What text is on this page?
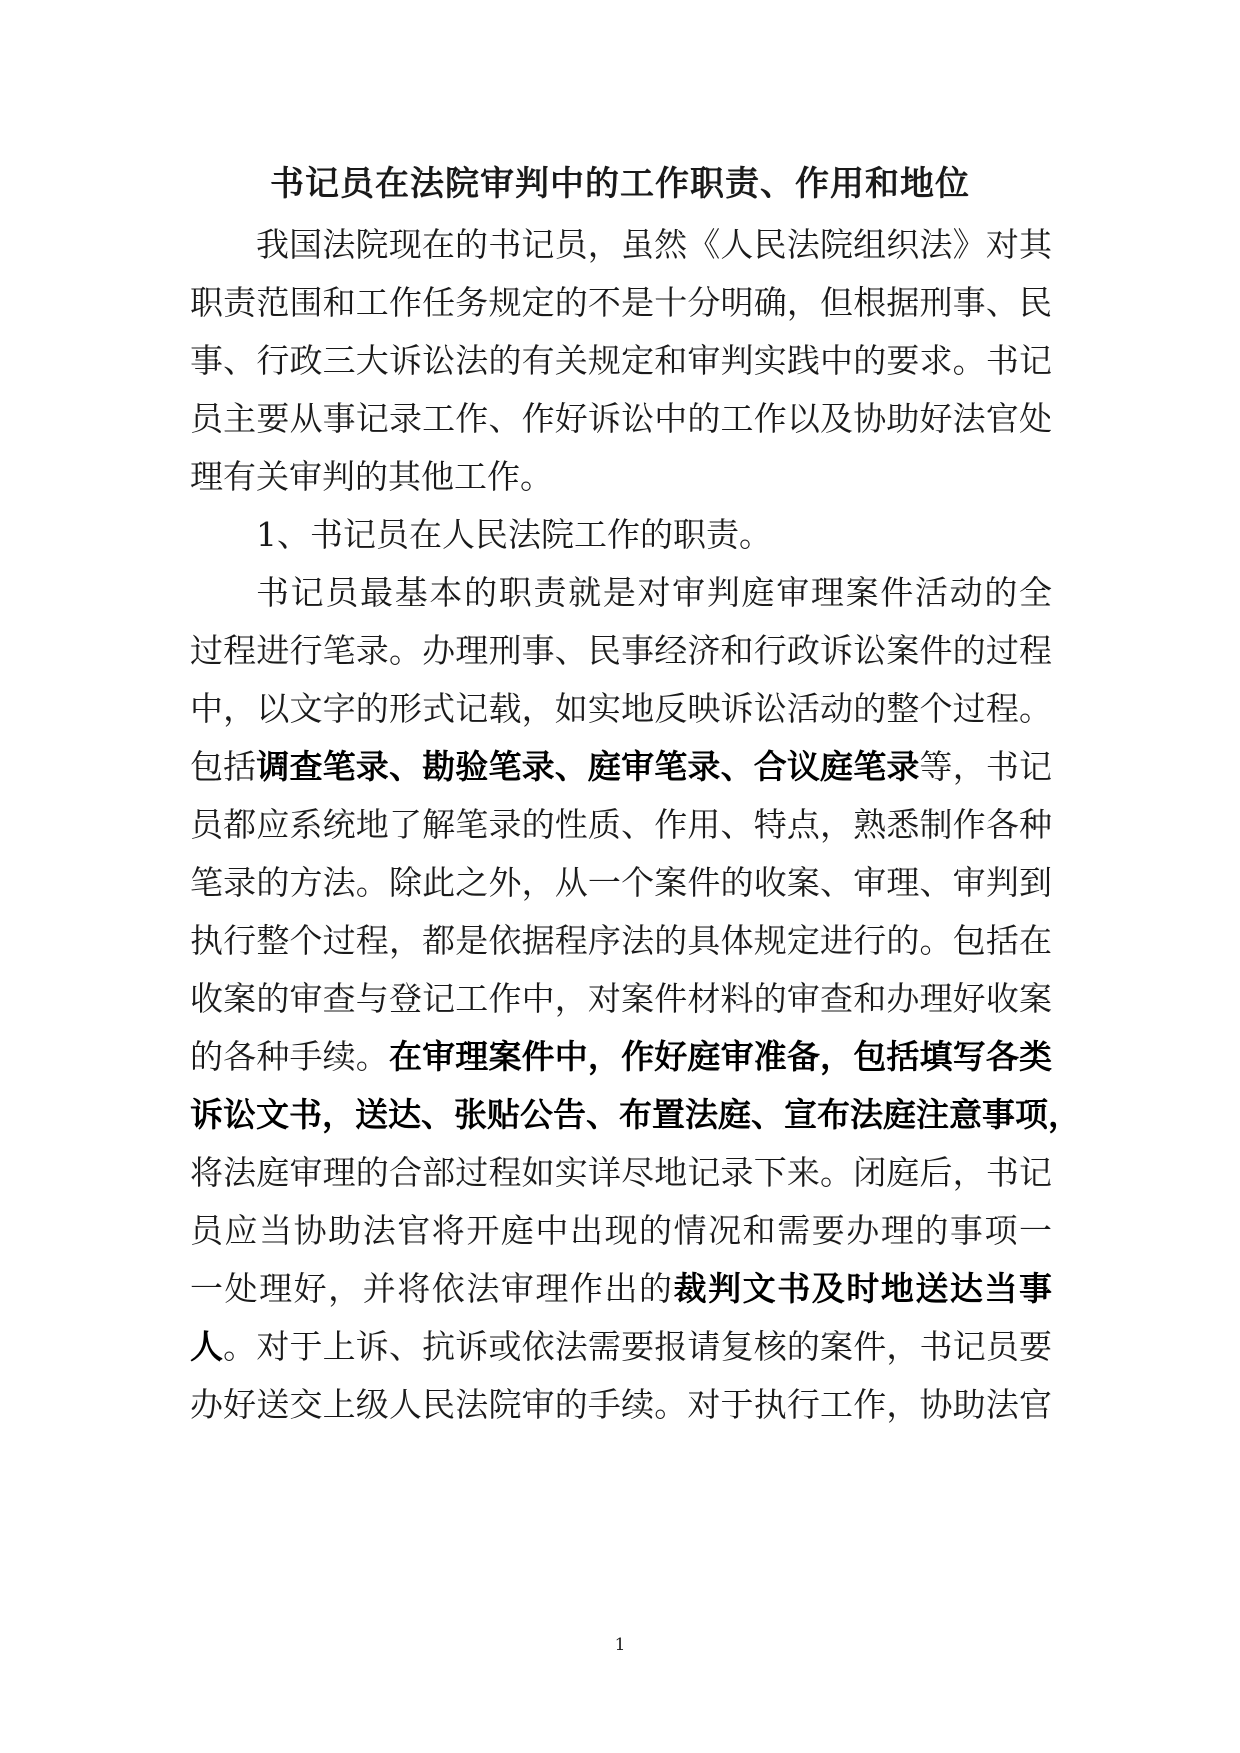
书记员在法院审判中的工作职责、作用和地位
我国法院现在的书记员，虽然《人民法院组织法》对其
职责范围和工作任务规定的不是十分明确，但根据刑事、民
事、行政三大诉讼法的有关规定和审判实践中的要求。书记
员主要从事记录工作、作好诉讼中的工作以及协助好法官处
理有关审判的其他工作。
1、书记员在人民法院工作的职责。
书记员最基本的职责就是对审判庭审理案件活动的全
过程进行笔录。办理刑事、民事经济和行政诉讼案件的过程
中，以文字的形式记载，如实地反映诉讼活动的整个过程。
包括调查笔录、勘验笔录、庭审笔录、合议庭笔录等，书记
员都应系统地了解笔录的性质、作用、特点，熟悉制作各种
笔录的方法。除此之外，从一个案件的收案、审理、审判到
执行整个过程，都是依据程序法的具体规定进行的。包括在
收案的审查与登记工作中，对案件材料的审查和办理好收案
的各种手续。在审理案件中，作好庭审准备，包括填写各类
诉讼文书，送达、张贴公告、布置法庭、宣布法庭注意事项，
将法庭审理的合部过程如实详尽地记录下来。闭庭后，书记
员应当协助法官将开庭中出现的情况和需要办理的事项一
一处理好，并将依法审理作出的裁判文书及时地送达当事
人。对于上诉、抗诉或依法需要报请复核的案件，书记员要
办好送交上级人民法院审的手续。对于执行工作，协助法官
1
